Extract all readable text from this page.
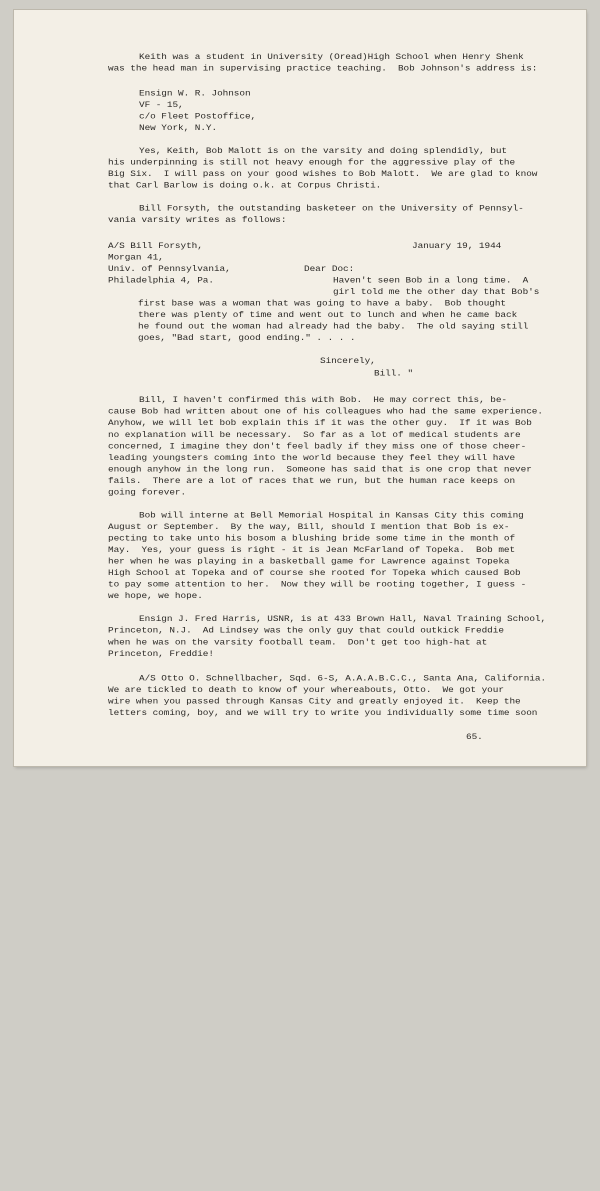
Keith was a student in University (Oread)High School when Henry Shenk

was the head man in supervising practice teaching.  Bob Johnson's address is:

Ensign W. R. Johnson

VF - 15,

c/o Fleet Postoffice,

New York, N.Y.

Yes, Keith, Bob Malott is on the varsity and doing splendidly, but

his underpinning is still not heavy enough for the aggressive play of the

Big Six.  I will pass on your good wishes to Bob Malott.  We are glad to know

that Carl Barlow is doing o.k. at Corpus Christi.

Bill Forsyth, the outstanding basketeer on the University of Pennsyl-

vania varsity writes as follows:

A/S Bill Forsyth,

Morgan 41,

Univ. of Pennsylvania,

Philadelphia 4, Pa.

January 19, 1944

Dear Doc:

Haven't seen Bob in a long time.  A

girl told me the other day that Bob's

first base was a woman that was going to have a baby.  Bob thought

there was plenty of time and went out to lunch and when he came back

he found out the woman had already had the baby.  The old saying still

goes, "Bad start, good ending." . . . .

Sincerely,

Bill. "

Bill, I haven't confirmed this with Bob.  He may correct this, be-

cause Bob had written about one of his colleagues who had the same experience.

Anyhow, we will let bob explain this if it was the other guy.  If it was Bob

no explanation will be necessary.  So far as a lot of medical students are

concerned, I imagine they don't feel badly if they miss one of those cheer-

leading youngsters coming into the world because they feel they will have

enough anyhow in the long run.  Someone has said that is one crop that never

fails.  There are a lot of races that we run, but the human race keeps on

going forever.

Bob will interne at Bell Memorial Hospital in Kansas City this coming

August or September.  By the way, Bill, should I mention that Bob is ex-

pecting to take unto his bosom a blushing bride some time in the month of

May.  Yes, your guess is right - it is Jean McFarland of Topeka.  Bob met

her when he was playing in a basketball game for Lawrence against Topeka

High School at Topeka and of course she rooted for Topeka which caused Bob

to pay some attention to her.  Now they will be rooting together, I guess -

we hope, we hope.

Ensign J. Fred Harris, USNR, is at 433 Brown Hall, Naval Training School,

Princeton, N.J.  Ad Lindsey was the only guy that could outkick Freddie

when he was on the varsity football team.  Don't get too high-hat at

Princeton, Freddie!

A/S Otto O. Schnellbacher, Sqd. 6-S, A.A.A.B.C.C., Santa Ana, California.

We are tickled to death to know of your whereabouts, Otto.  We got your

wire when you passed through Kansas City and greatly enjoyed it.  Keep the

letters coming, boy, and we will try to write you individually some time soon

65.
